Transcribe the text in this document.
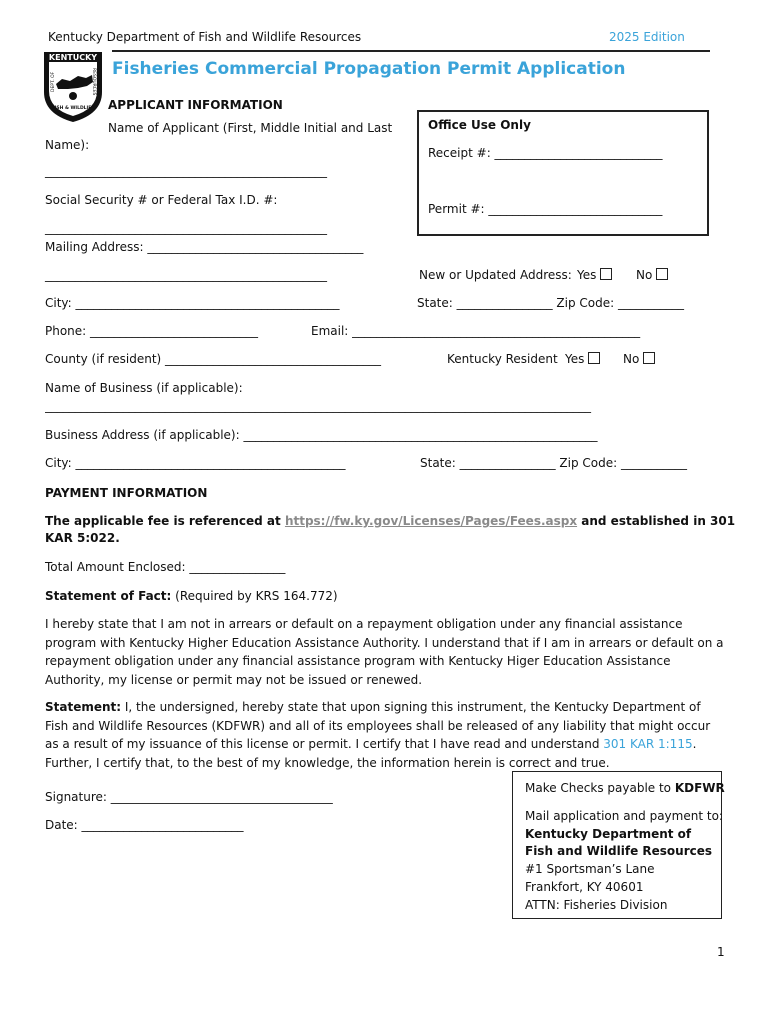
Kentucky Department of Fish and Wildlife Resources	2025 Edition
KENTUCKY
DEPT. OF	RESOURCES
FISH & WILDLIFE
Fisheries Commercial Propagation Permit Application
APPLICANT INFORMATION
Name of Applicant (First, Middle Initial and Last
Name):
_______________________________________________
Social Security # or Federal Tax I.D. #:
_______________________________________________
Mailing Address: ____________________________________
_______________________________________________
Office Use Only
Receipt #: ____________________________
Permit #: _____________________________
New or Updated Address: Yes	No
City: ____________________________________________	State: ________________ Zip Code: ___________
Phone: ____________________________	Email: ________________________________________________
County (if resident) ____________________________________	Kentucky Resident Yes	No
Name of Business (if applicable):
___________________________________________________________________________________________
Business Address (if applicable): ___________________________________________________________
City: _____________________________________________	State: ________________ Zip Code: ___________
PAYMENT INFORMATION
The applicable fee is referenced at https://fw.ky.gov/Licenses/Pages/Fees.aspx and established in 301
KAR 5:022.
Total Amount Enclosed: ________________
Statement of Fact: (Required by KRS 164.772)
I hereby state that I am not in arrears or default on a repayment obligation under any financial assistance program with Kentucky Higher Education Assistance Authority. I understand that if I am in arrears or default on a repayment obligation under any financial assistance program with Kentucky Higer Education Assistance Authority, my license or permit may not be issued or renewed.
Statement: I, the undersigned, hereby state that upon signing this instrument, the Kentucky Department of Fish and Wildlife Resources (KDFWR) and all of its employees shall be released of any liability that might occur as a result of my issuance of this license or permit. I certify that I have read and understand 301 KAR 1:115. Further, I certify that, to the best of my knowledge, the information herein is correct and true.
Signature: _____________________________________
Date: ___________________________
Make Checks payable to KDFWR
Mail application and payment to:
Kentucky Department of
Fish and Wildlife Resources
#1 Sportsman’s Lane
Frankfort, KY 40601
ATTN: Fisheries Division
1
